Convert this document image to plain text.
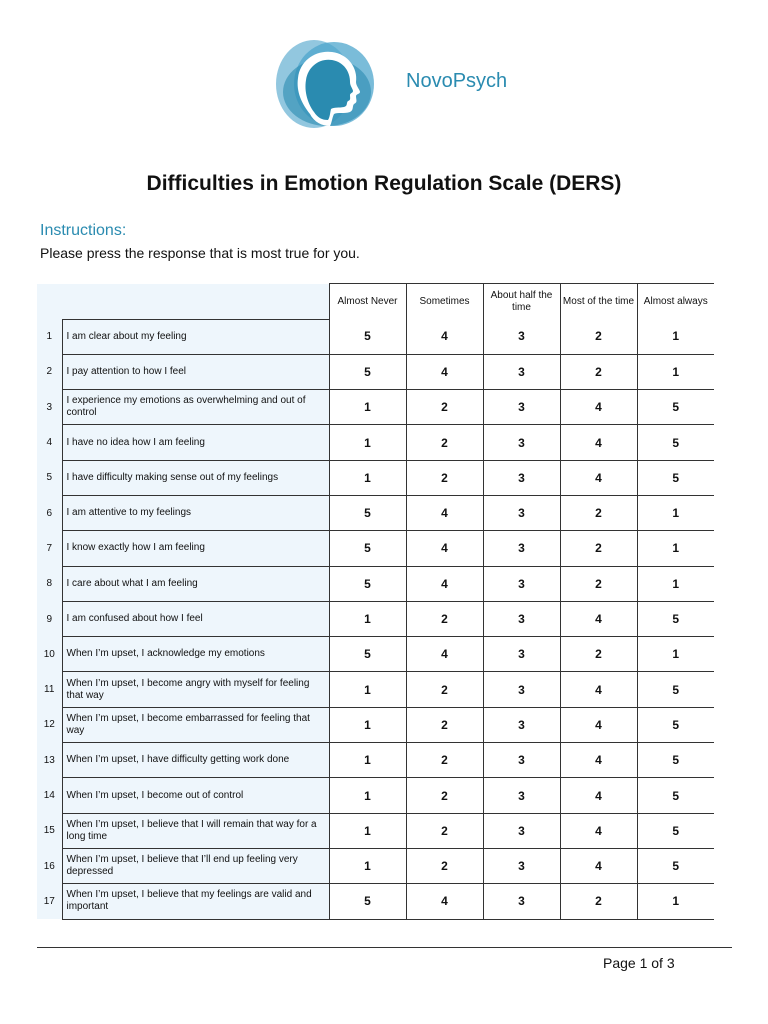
NovoPsych
Difficulties in Emotion Regulation Scale (DERS)
Instructions:
Please press the response that is most true for you.
		Almost Never	Sometimes	About half the time	Most of the time	Almost always
1	I am clear about my feeling	5	4	3	2	1
2	I pay attention to how I feel	5	4	3	2	1
3	I experience my emotions as overwhelming and out of control	1	2	3	4	5
4	I have no idea how I am feeling	1	2	3	4	5
5	I have difficulty making sense out of my feelings	1	2	3	4	5
6	I am attentive to my feelings	5	4	3	2	1
7	I know exactly how I am feeling	5	4	3	2	1
8	I care about what I am feeling	5	4	3	2	1
9	I am confused about how I feel	1	2	3	4	5
10	When I’m upset, I acknowledge my emotions	5	4	3	2	1
11	When I’m upset, I become angry with myself for feeling that way	1	2	3	4	5
12	When I’m upset, I become embarrassed for feeling that way	1	2	3	4	5
13	When I’m upset, I have difficulty getting work done	1	2	3	4	5
14	When I’m upset, I become out of control	1	2	3	4	5
15	When I’m upset, I believe that I will remain that way for a long time	1	2	3	4	5
16	When I’m upset, I believe that I’ll end up feeling very depressed	1	2	3	4	5
17	When I’m upset, I believe that my feelings are valid and important	5	4	3	2	1
Page 1 of 3
